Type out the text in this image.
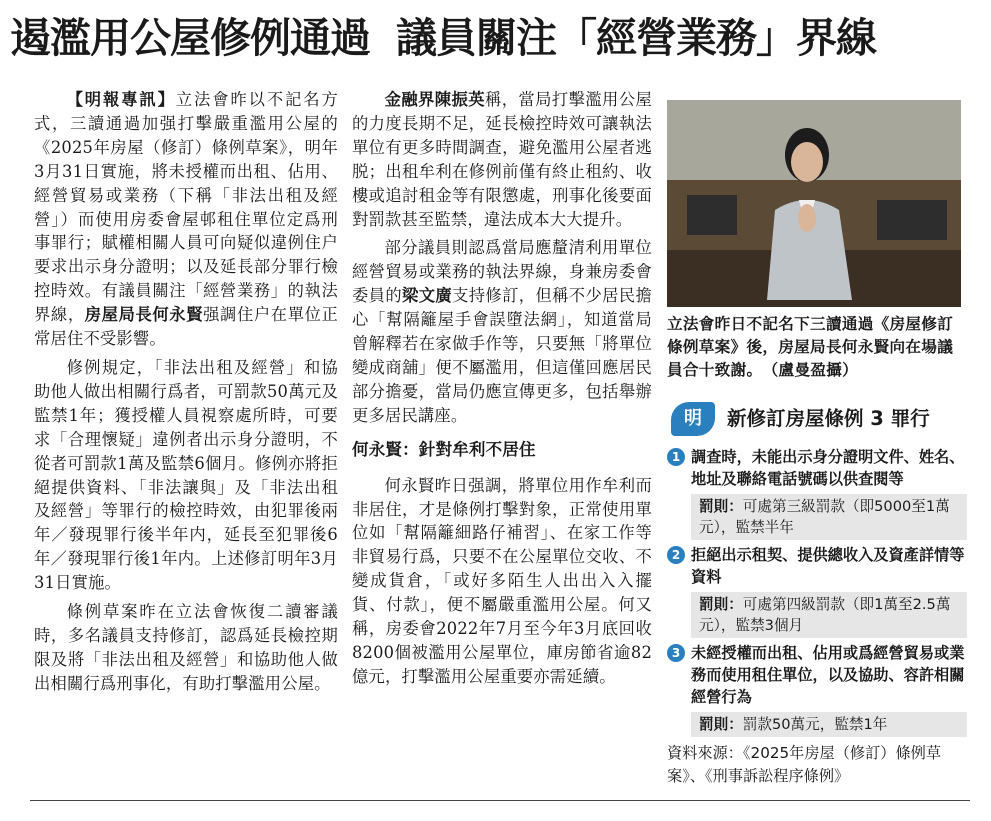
遏濫用公屋修例通過 議員關注「經營業務」界線

【明報專訊】立法會昨以不記名方式，三讀通過加强打擊嚴重濫用公屋的《2025年房屋（修訂）條例草案》，明年3月31日實施，將未授權而出租、佔用、經營貿易或業務（下稱「非法出租及經營」）而使用房委會屋邨租住單位定爲刑事罪行；賦權相關人員可向疑似違例住户要求出示身分證明；以及延長部分罪行檢控時效。有議員關注「經營業務」的執法界線，房屋局長何永賢强調住户在單位正常居住不受影響。

修例規定，「非法出租及經營」和協助他人做出相關行爲者，可罰款50萬元及監禁1年；獲授權人員視察處所時，可要求「合理懷疑」違例者出示身分證明，不從者可罰款1萬及監禁6個月。修例亦將拒絕提供資料、「非法讓與」及「非法出租及經營」等罪行的檢控時效，由犯罪後兩年／發現罪行後半年内，延長至犯罪後6年／發現罪行後1年内。上述修訂明年3月31日實施。

條例草案昨在立法會恢復二讀審議時，多名議員支持修訂，認爲延長檢控期限及將「非法出租及經營」和協助他人做出相關行爲刑事化，有助打擊濫用公屋。

金融界陳振英稱，當局打擊濫用公屋的力度長期不足，延長檢控時效可讓執法單位有更多時間調查，避免濫用公屋者逃脱；出租牟利在修例前僅有終止租約、收樓或追討租金等有限懲處，刑事化後要面對罰款甚至監禁，違法成本大大提升。

部分議員則認爲當局應釐清利用單位經營貿易或業務的執法界線，身兼房委會委員的梁文廣支持修訂，但稱不少居民擔心「幫隔籬屋手會誤墮法網」，知道當局曾解釋若在家做手作等，只要無「將單位變成商舖」便不屬濫用，但這僅回應居民部分擔憂，當局仍應宣傳更多，包括舉辦更多居民講座。

何永賢：針對牟利不居住

何永賢昨日强調，將單位用作牟利而非居住，才是條例打擊對象，正常使用單位如「幫隔籬細路仔補習」、在家工作等非貿易行爲，只要不在公屋單位交收、不變成貨倉，「或好多陌生人出出入入擺貨、付款」，便不屬嚴重濫用公屋。何又稱，房委會2022年7月至今年3月底回收8200個被濫用公屋單位，庫房節省逾82億元，打擊濫用公屋重要亦需延續。

立法會昨日不記名下三讀通過《房屋修訂條例草案》後，房屋局長何永賢向在場議員合十致謝。　（盧曼盈攝）
明	新修訂房屋條例 3 罪行
1 調查時，未能出示身分證明文件、姓名、地址及聯絡電話號碼以供查閱等
罰則：可處第三級罰款（即5000至1萬元），監禁半年
2 拒絕出示租契、提供總收入及資產詳情等資料
罰則：可處第四級罰款（即1萬至2.5萬元），監禁3個月
3 未經授權而出租、佔用或爲經營貿易或業務而使用租住單位，以及協助、容許相關經營行為
罰則：罰款50萬元，監禁1年
資料來源：《2025年房屋（修訂）條例草案》、《刑事訴訟程序條例》
